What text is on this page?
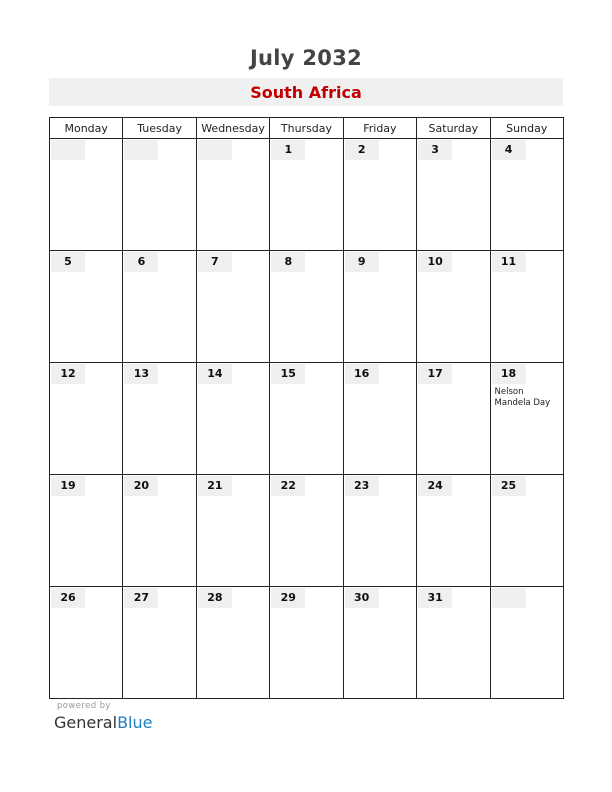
July 2032
South Africa
Monday	Tuesday	Wednesday	Thursday	Friday	Saturday	Sunday

			1	2	3	4

5	6	7	8	9	10	11

12	13	14	15	16	17	18
Nelson Mandela Day

19	20	21	22	23	24	25

26	27	28	29	30	31	

powered by
GeneralBlue
